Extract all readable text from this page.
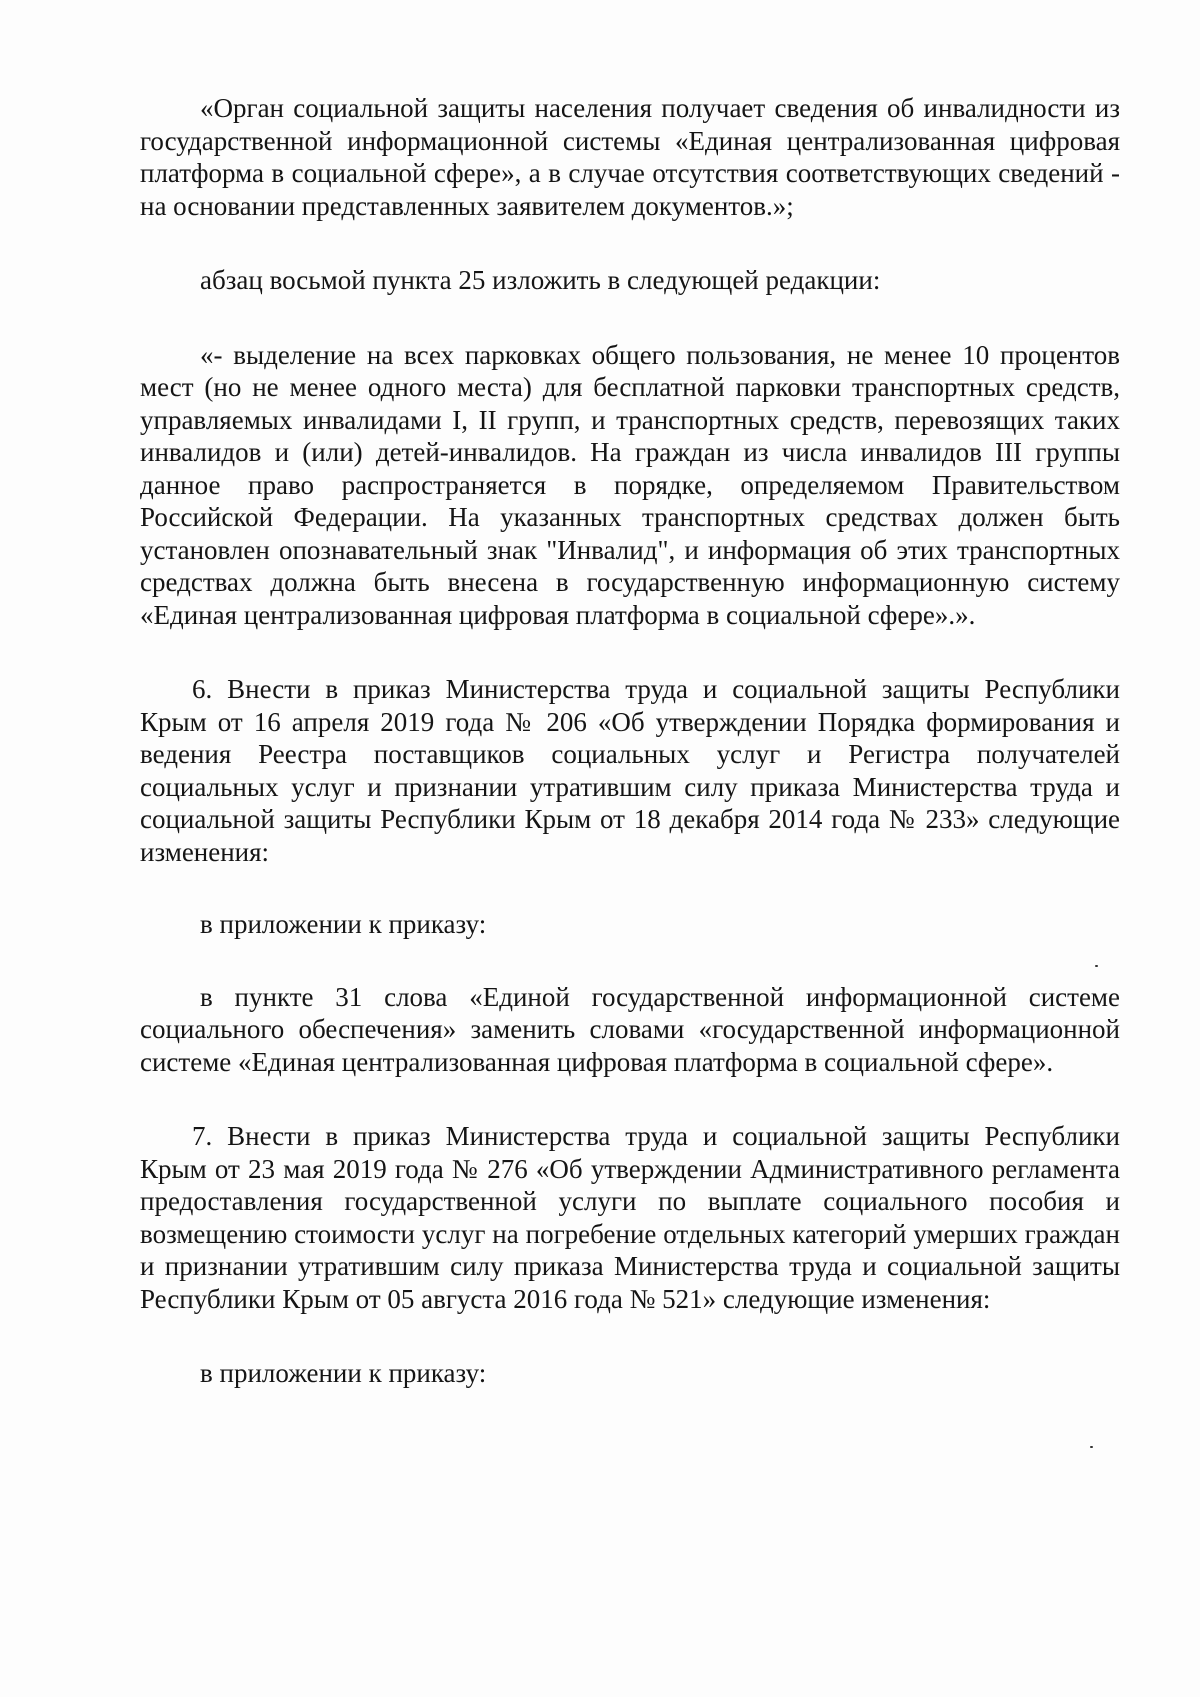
«Орган социальной защиты населения получает сведения об инвалидности из государственной информационной системы «Единая централизованная цифровая платформа в социальной сфере», а в случае отсутствия соответствующих сведений - на основании представленных заявителем документов.»;

абзац восьмой пункта 25 изложить в следующей редакции:

«- выделение на всех парковках общего пользования, не менее 10 процентов мест (но не менее одного места) для бесплатной парковки транспортных средств, управляемых инвалидами I, II групп, и транспортных средств, перевозящих таких инвалидов и (или) детей-инвалидов. На граждан из числа инвалидов III группы данное право распространяется в порядке, определяемом Правительством Российской Федерации. На указанных транспортных средствах должен быть установлен опознавательный знак "Инвалид", и информация об этих транспортных средствах должна быть внесена в государственную информационную систему «Единая централизованная цифровая платформа в социальной сфере».».

6. Внести в приказ Министерства труда и социальной защиты Республики Крым от 16 апреля 2019 года № 206 «Об утверждении Порядка формирования и ведения Реестра поставщиков социальных услуг и Регистра получателей социальных услуг и признании утратившим силу приказа Министерства труда и социальной защиты Республики Крым от 18 декабря 2014 года № 233» следующие изменения:

в приложении к приказу:

в пункте 31 слова «Единой государственной информационной системе социального обеспечения» заменить словами «государственной информационной системе «Единая централизованная цифровая платформа в социальной сфере».

7. Внести в приказ Министерства труда и социальной защиты Республики Крым от 23 мая 2019 года № 276 «Об утверждении Административного регламента предоставления государственной услуги по выплате социального пособия и возмещению стоимости услуг на погребение отдельных категорий умерших граждан и признании утратившим силу приказа Министерства труда и социальной защиты Республики Крым от 05 августа 2016 года № 521» следующие изменения:

в приложении к приказу:
